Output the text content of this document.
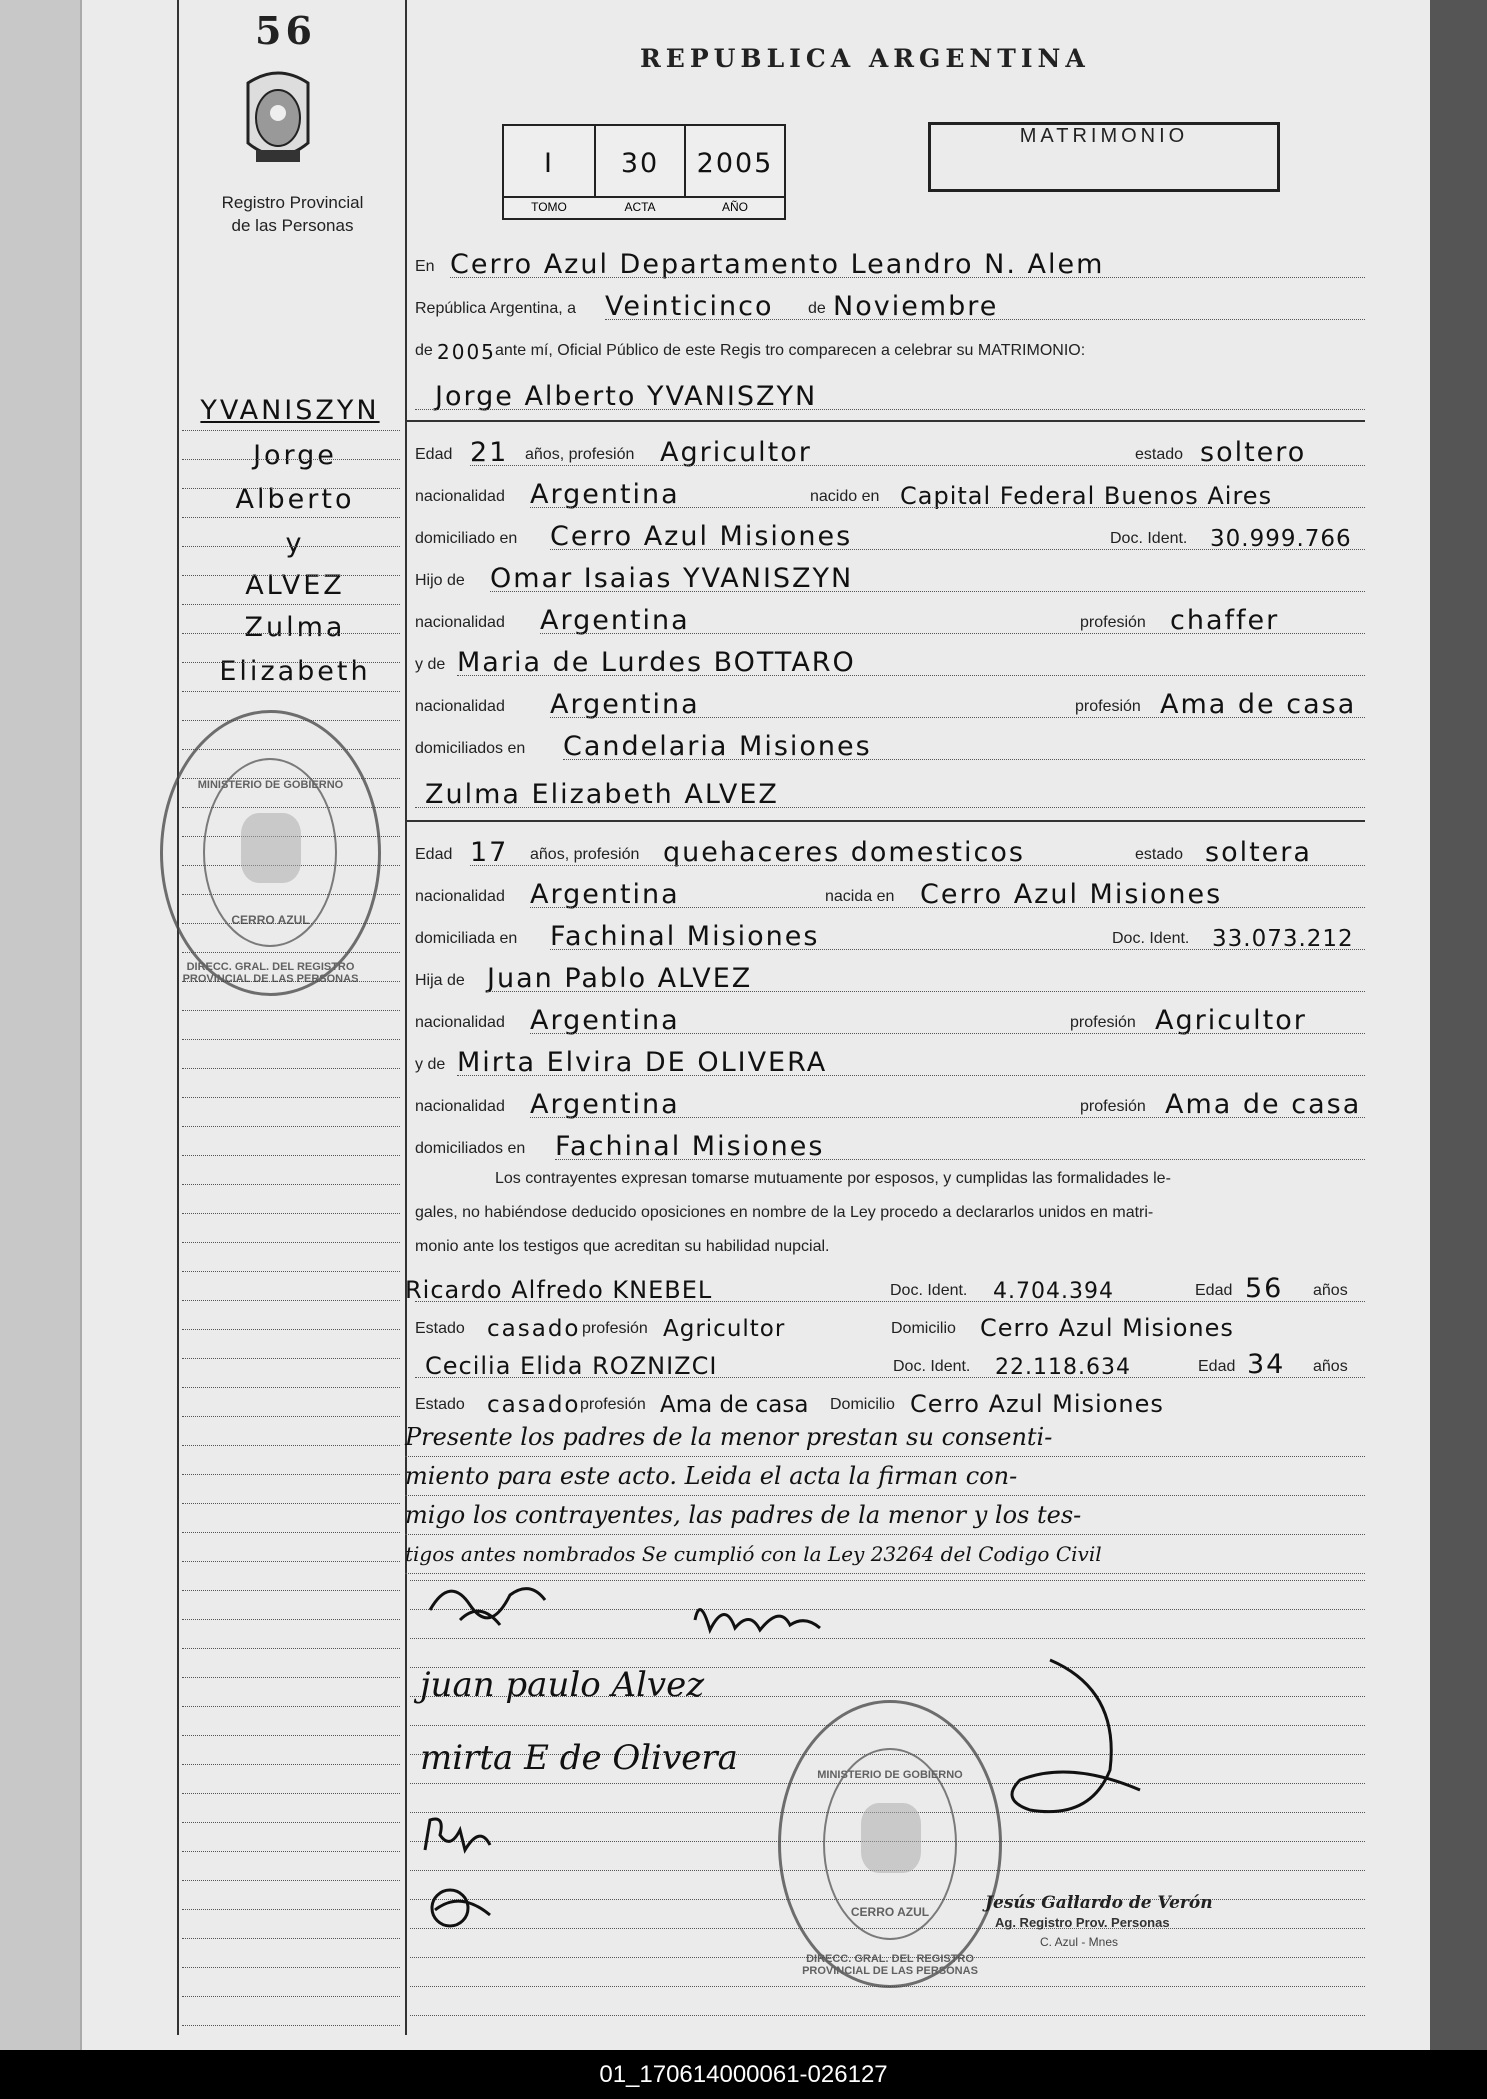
56
Registro Provincial
de las Personas
REPUBLICA ARGENTINA
I	30	2005
TOMO	ACTA	AÑO
MATRIMONIO
YVANISZYN
Jorge
Alberto
y
ALVEZ
Zulma
Elizabeth
DIRECC. GRAL. DEL REGISTRO PROVINCIAL DE LAS PERSONAS
MINISTERIO DE GOBIERNO
CERRO AZUL
En Cerro Azul Departamento Leandro N. Alem
República Argentina, a Veinticinco de Noviembre
de 2005 ante mí, Oficial Público de este Regis tro comparecen a celebrar su MATRIMONIO:
Jorge Alberto YVANISZYN
Edad 21 años, profesión Agricultor	estado soltero
nacionalidad Argentina	nacido en Capital Federal Buenos Aires
domiciliado en Cerro Azul Misiones	Doc. Ident. 30.999.766
Hijo de Omar Isaias YVANISZYN
nacionalidad Argentina	profesión chaffer
y de Maria de Lurdes BOTTARO
nacionalidad Argentina	profesión Ama de casa
domiciliados en Candelaria Misiones
Zulma Elizabeth ALVEZ
Edad 17 años, profesión quehaceres domesticos	estado soltera
nacionalidad Argentina	nacida en Cerro Azul Misiones
domiciliada en Fachinal Misiones	Doc. Ident. 33.073.212
Hija de Juan Pablo ALVEZ
nacionalidad Argentina	profesión Agricultor
y de Mirta Elvira DE OLIVERA
nacionalidad Argentina	profesión Ama de casa
domiciliados en Fachinal Misiones
Los contrayentes expresan tomarse mutuamente por esposos, y cumplidas las formalidades le-
gales, no habiéndose deducido oposiciones en nombre de la Ley procedo a declararlos unidos en matri-
monio ante los testigos que acreditan su habilidad nupcial.
Ricardo Alfredo KNEBEL	Doc. Ident. 4.704.394	Edad 56 años
Estado casado profesión Agricultor	Domicilio Cerro Azul Misiones
Cecilia Elida ROZNIZCI	Doc. Ident. 22.118.634	Edad 34 años
Estado casado profesión Ama de casa Domicilio Cerro Azul Misiones
Presente los padres de la menor prestan su consenti-
miento para este acto. Leida el acta la firman con-
migo los contrayentes, las padres de la menor y los tes-
tigos antes nombrados Se cumplió con la Ley 23264 del Codigo Civil
juan paulo Alvez
mirta E de Olivera
DIRECC. GRAL. DEL REGISTRO PROVINCIAL DE LAS PERSONAS
MINISTERIO DE GOBIERNO
CERRO AZUL	Jesús Gallardo de Verón
Ag. Registro Prov. Personas
C. Azul - Mnes
01_170614000061-026127
